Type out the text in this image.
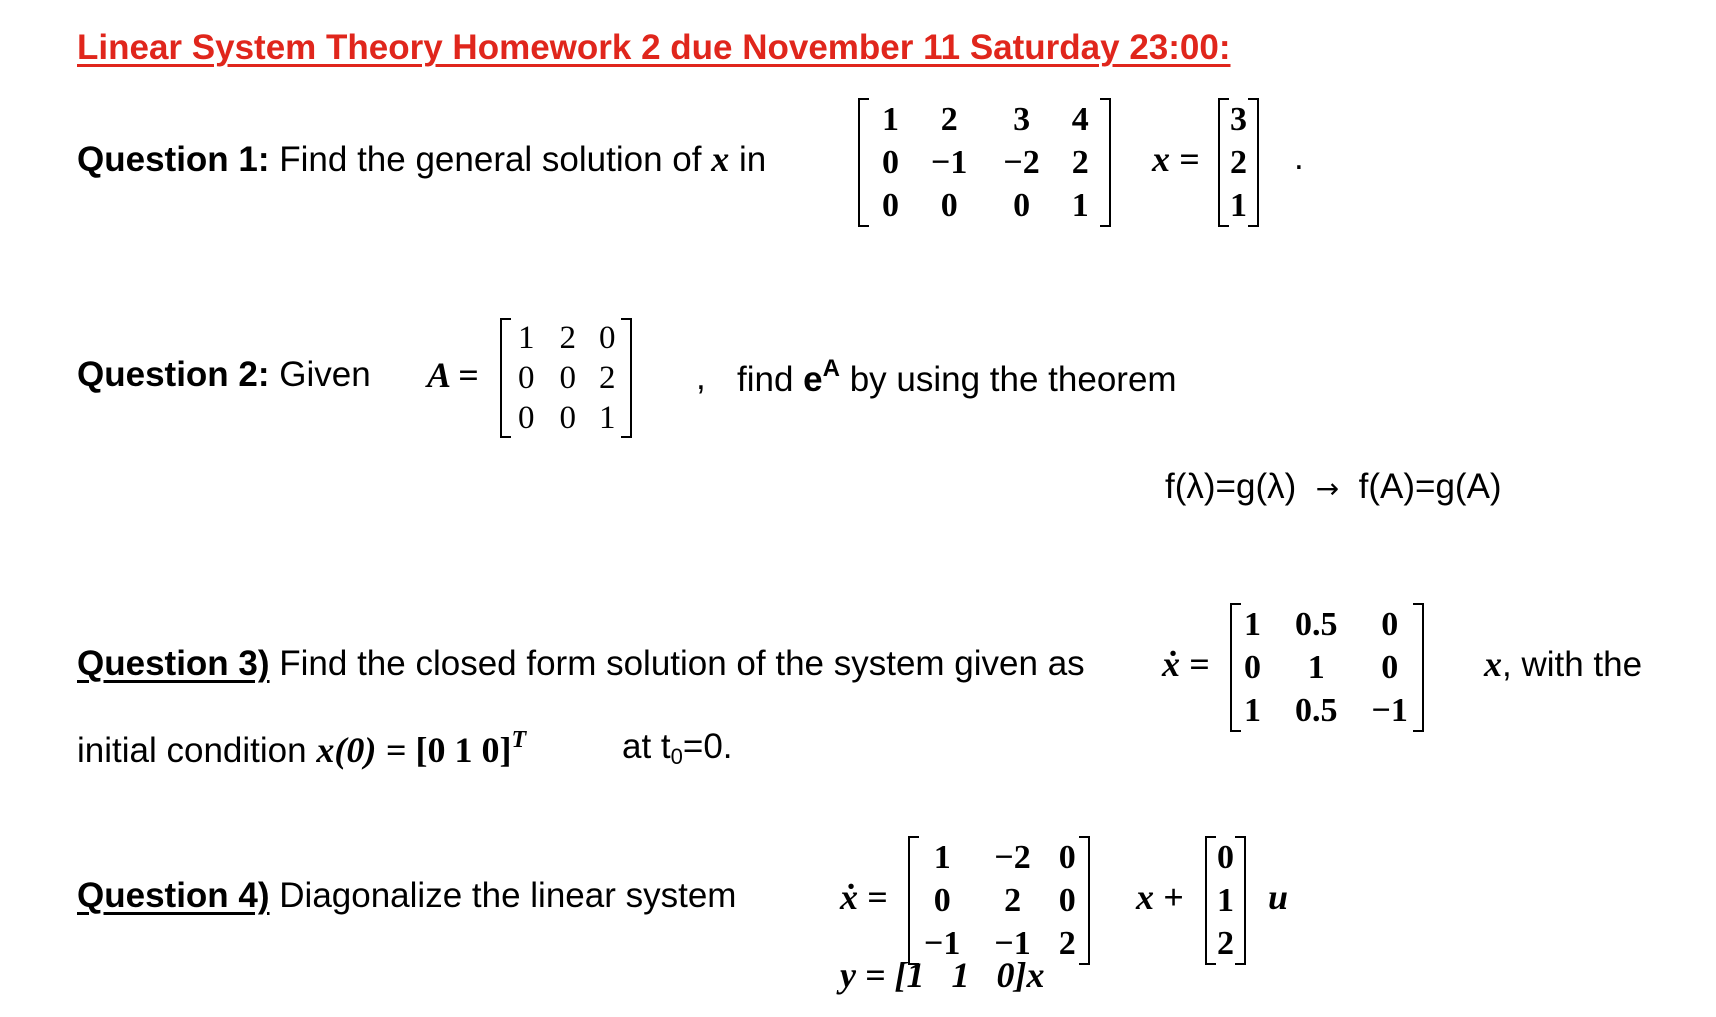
Linear System Theory Homework 2 due November 11 Saturday 23:00:
Question 1: Find the general solution of x in
1	2	3	4
0	−1	−2	2
0	0	0	1
x =
3
2
1
.
Question 2: Given A =
1	2	0
0	0	2
0	0	1
, find $e^A$ by using the theorem
f(λ)=g(λ) → f(A)=g(A)
Question 3) Find the closed form solution of the system given as ẋ =
1	0.5	0
0	1	0
1	0.5	−1
x, with the
initial condition x(0) = [0 1 0]$^T$	at t0=0.
Question 4) Diagonalize the linear system	ẋ =
1	−2	0
0	2	0
−1	−1	2
x +
0
1
2
u
y = [1   1   0]x
